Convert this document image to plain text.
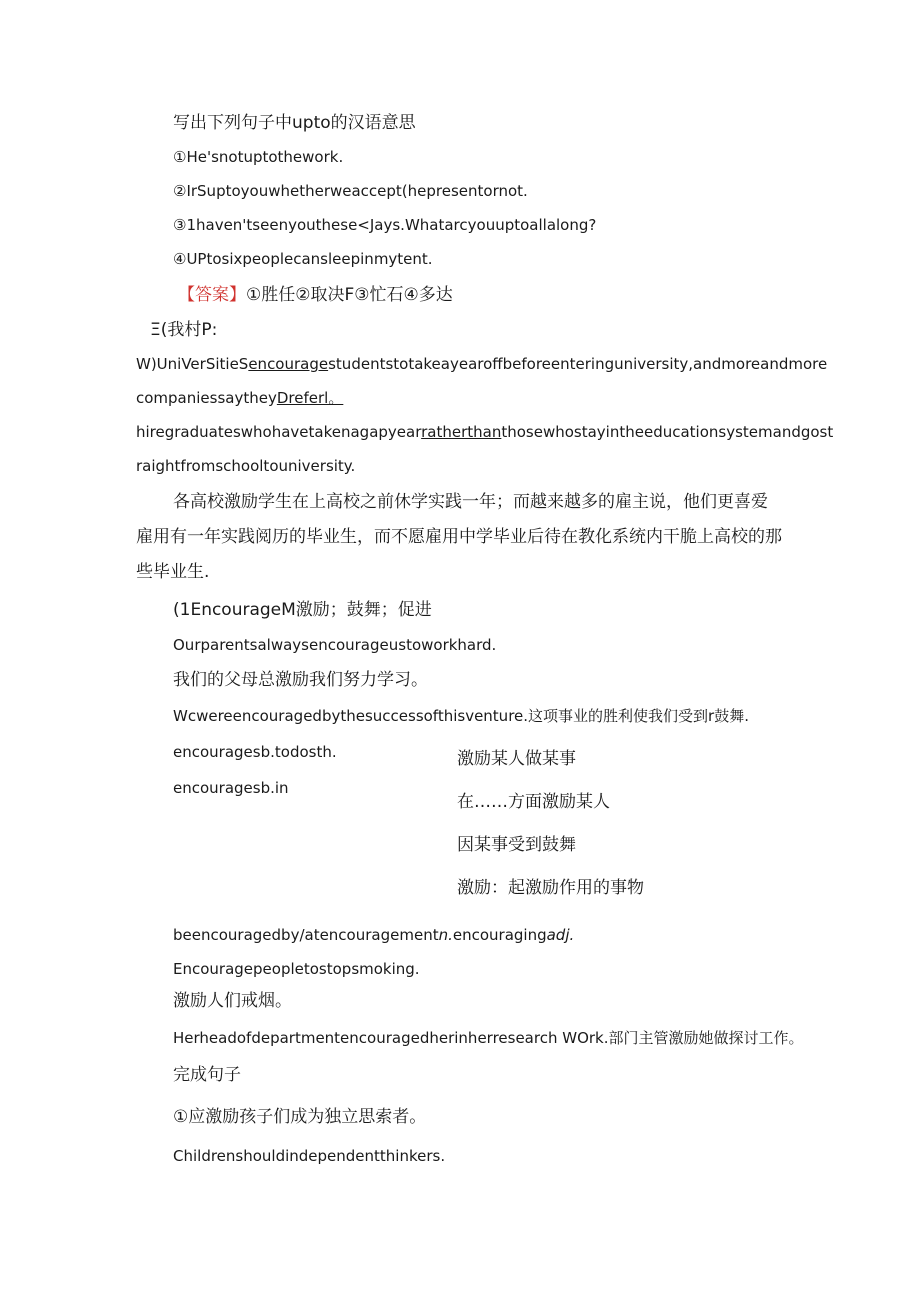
写出下列句子中upto的汉语意思
①He'snotuptothework.
②IrSuptoyouwhetherweaccept(hepresentornot.
③1haven'tseenyouthese<Jays.Whatarcyouuptoallalong?
④UPtosixpeoplecansleepinmytent.
【答案】①胜任②取决F③忙石④多达
Ξ(我村P:
W)UniVerSitieSencouragestudentstotakeayearoffbeforeenteringuniversity,andmoreandmore
companiessaytheyDreferl。
hiregraduateswhohavetakenagapyearratherthanthosewhostayintheeducationsystemandgost
raightfromschooltouniversity.
各高校激励学生在上高校之前休学实践一年；而越来越多的雇主说，他们更喜爱雇用有一年实践阅历的毕业生，而不愿雇用中学毕业后待在教化系统内干脆上高校的那些毕业生.
(1EncourageM激励；鼓舞；促进
Ourparentsalwaysencourageustoworkhard.
我们的父母总激励我们努力学习。
Wcwereencouragedbythesuccessofthisventure.这项事业的胜利使我们受到r鼓舞.
encouragesb.todosth.
encouragesb.in
激励某人做某事
在……方面激励某人
因某事受到鼓舞
激励：起激励作用的事物
beencouragedby/atencouragementn.encouragingadj.
Encouragepeopletostopsmoking.
激励人们戒烟。
Herheadofdepartmentencouragedherinherresearch WOrk.部门主管激励她做探讨工作。
完成句子
①应激励孩子们成为独立思索者。
Childrenshouldindependentthinkers.
